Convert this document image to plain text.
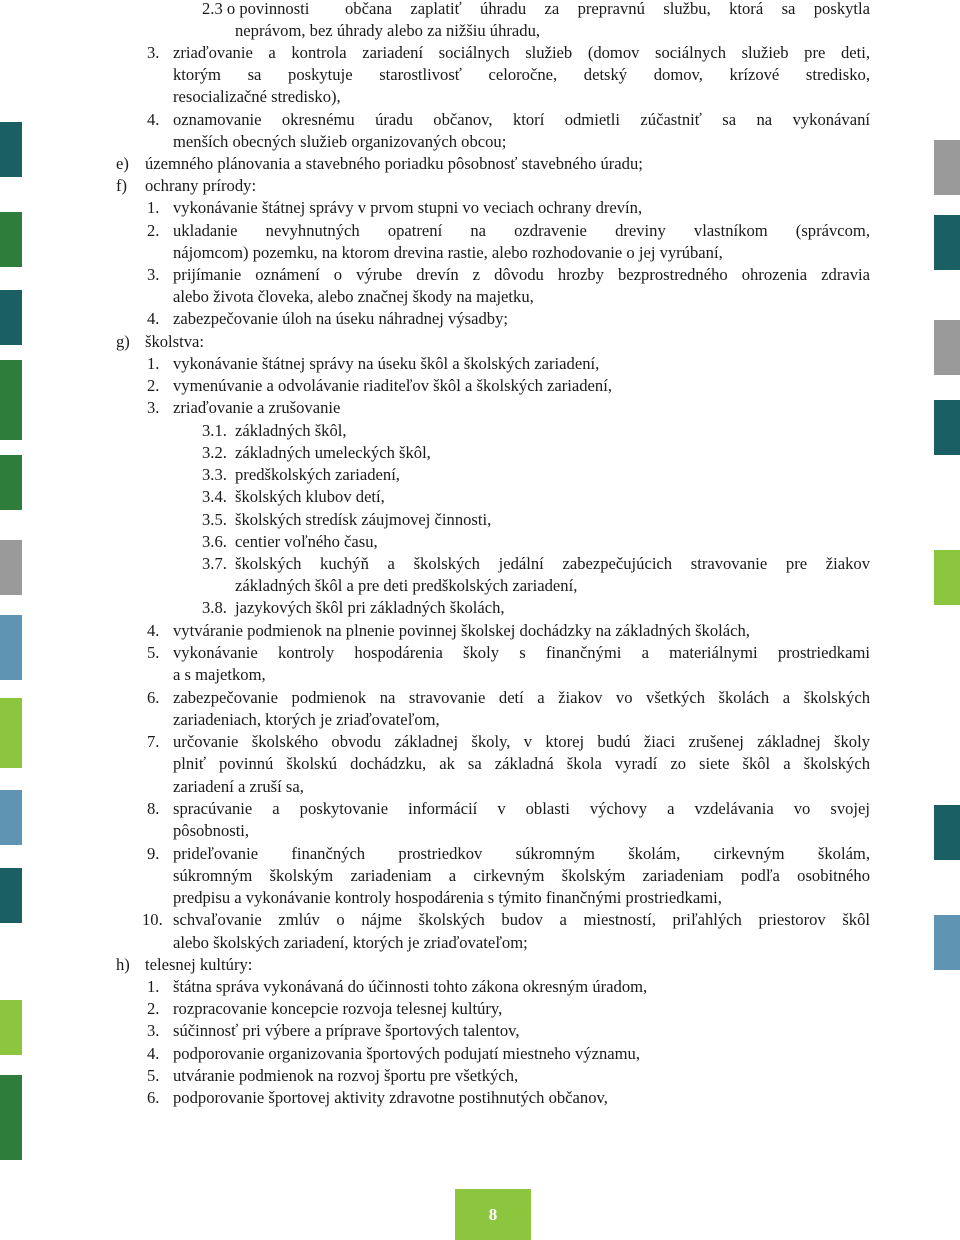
2.3 o povinnosti občana zaplatiť úhradu za prepravnú službu, ktorá sa poskytla
neprávom, bez úhrady alebo za nižšiu úhradu,
3. zriaďovanie a kontrola zariadení sociálnych služieb (domov sociálnych služieb pre deti,
ktorým sa poskytuje starostlivosť celoročne, detský domov, krízové stredisko,
resocializačné stredisko),
4. oznamovanie okresnému úradu občanov, ktorí odmietli zúčastniť sa na vykonávaní
menších obecných služieb organizovaných obcou;
e) územného plánovania a stavebného poriadku pôsobnosť stavebného úradu;
f) ochrany prírody:
1. vykonávanie štátnej správy v prvom stupni vo veciach ochrany drevín,
2. ukladanie nevyhnutných opatrení na ozdravenie dreviny vlastníkom (správcom,
nájomcom) pozemku, na ktorom drevina rastie, alebo rozhodovanie o jej vyrúbaní,
3. prijímanie oznámení o výrube drevín z dôvodu hrozby bezprostredného ohrozenia zdravia
alebo života človeka, alebo značnej škody na majetku,
4. zabezpečovanie úloh na úseku náhradnej výsadby;
g) školstva:
1. vykonávanie štátnej správy na úseku škôl a školských zariadení,
2. vymenúvanie a odvolávanie riaditeľov škôl a školských zariadení,
3. zriaďovanie a zrušovanie
3.1. základných škôl,
3.2. základných umeleckých škôl,
3.3. predškolských zariadení,
3.4. školských klubov detí,
3.5. školských stredísk záujmovej činnosti,
3.6. centier voľného času,
3.7. školských kuchýň a školských jedální zabezpečujúcich stravovanie pre žiakov
základných škôl a pre deti predškolských zariadení,
3.8. jazykových škôl pri základných školách,
4. vytváranie podmienok na plnenie povinnej školskej dochádzky na základných školách,
5. vykonávanie kontroly hospodárenia školy s finančnými a materiálnymi prostriedkami
a s majetkom,
6. zabezpečovanie podmienok na stravovanie detí a žiakov vo všetkých školách a školských
zariadeniach, ktorých je zriaďovateľom,
7. určovanie školského obvodu základnej školy, v ktorej budú žiaci zrušenej základnej školy
plniť povinnú školskú dochádzku, ak sa základná škola vyradí zo siete škôl a školských
zariadení a zruší sa,
8. spracúvanie a poskytovanie informácií v oblasti výchovy a vzdelávania vo svojej
pôsobnosti,
9. prideľovanie finančných prostriedkov súkromným školám, cirkevným školám,
súkromným školským zariadeniam a cirkevným školským zariadeniam podľa osobitného
predpisu a vykonávanie kontroly hospodárenia s týmito finančnými prostriedkami,
10. schvaľovanie zmlúv o nájme školských budov a miestností, priľahlých priestorov škôl
alebo školských zariadení, ktorých je zriaďovateľom;
h) telesnej kultúry:
1. štátna správa vykonávaná do účinnosti tohto zákona okresným úradom,
2. rozpracovanie koncepcie rozvoja telesnej kultúry,
3. súčinnosť pri výbere a príprave športových talentov,
4. podporovanie organizovania športových podujatí miestneho významu,
5. utváranie podmienok na rozvoj športu pre všetkých,
6. podporovanie športovej aktivity zdravotne postihnutých občanov,
8
